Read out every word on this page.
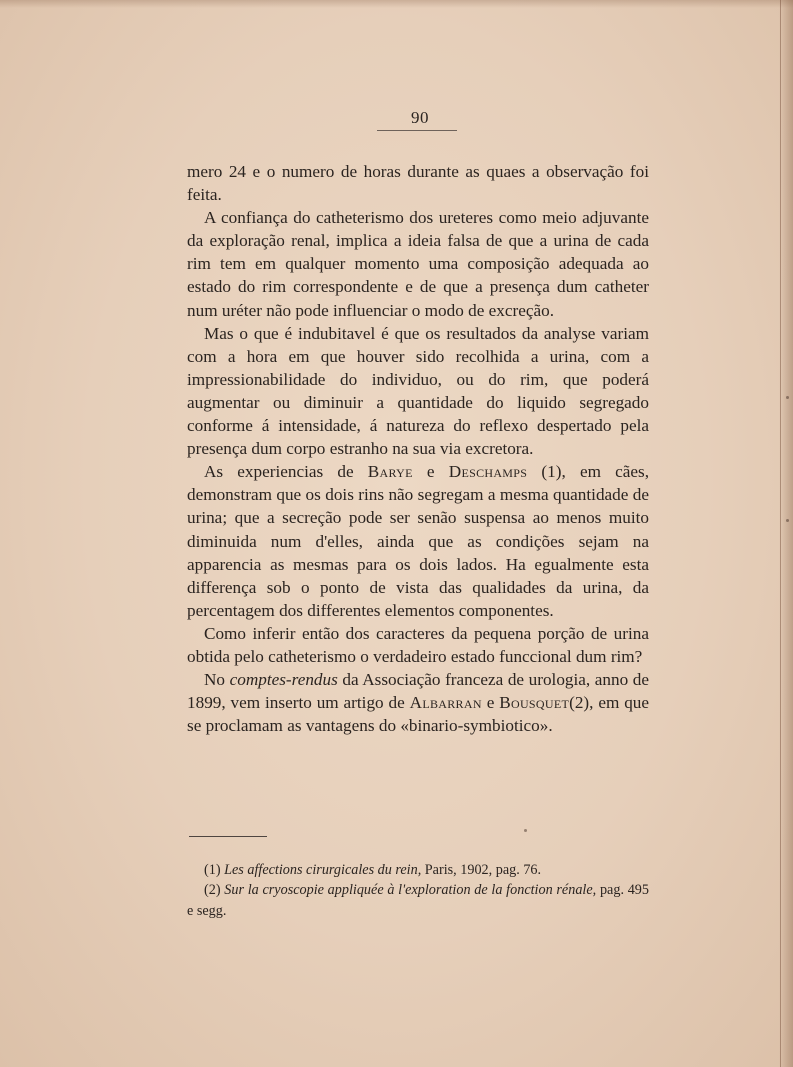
90

mero 24 e o numero de horas durante as quaes a observação foi feita.

A confiança do catheterismo dos ureteres como meio adjuvante da exploração renal, implica a ideia falsa de que a urina de cada rim tem em qualquer momento uma composição adequada ao estado do rim correspondente e de que a presença dum catheter num uréter não pode influenciar o modo de excreção.

Mas o que é indubitavel é que os resultados da analyse variam com a hora em que houver sido recolhida a urina, com a impressionabilidade do individuo, ou do rim, que poderá augmentar ou diminuir a quantidade do liquido segregado conforme á intensidade, á natureza do reflexo despertado pela presença dum corpo estranho na sua via excretora.

As experiencias de Barye e Deschamps (1), em cães, demonstram que os dois rins não segregam a mesma quantidade de urina; que a secreção pode ser senão suspensa ao menos muito diminuida num d'elles, ainda que as condições sejam na apparencia as mesmas para os dois lados. Ha egualmente esta differença sob o ponto de vista das qualidades da urina, da percentagem dos differentes elementos componentes.

Como inferir então dos caracteres da pequena porção de urina obtida pelo catheterismo o verdadeiro estado funccional dum rim?

No comptes-rendus da Associação franceza de urologia, anno de 1899, vem inserto um artigo de Albarran e Bousquet(2), em que se proclamam as vantagens do «binario-symbiotico».

(1) Les affections cirurgicales du rein, Paris, 1902, pag. 76.

(2) Sur la cryoscopie appliquée à l'exploration de la fonction rénale, pag. 495 e segg.
